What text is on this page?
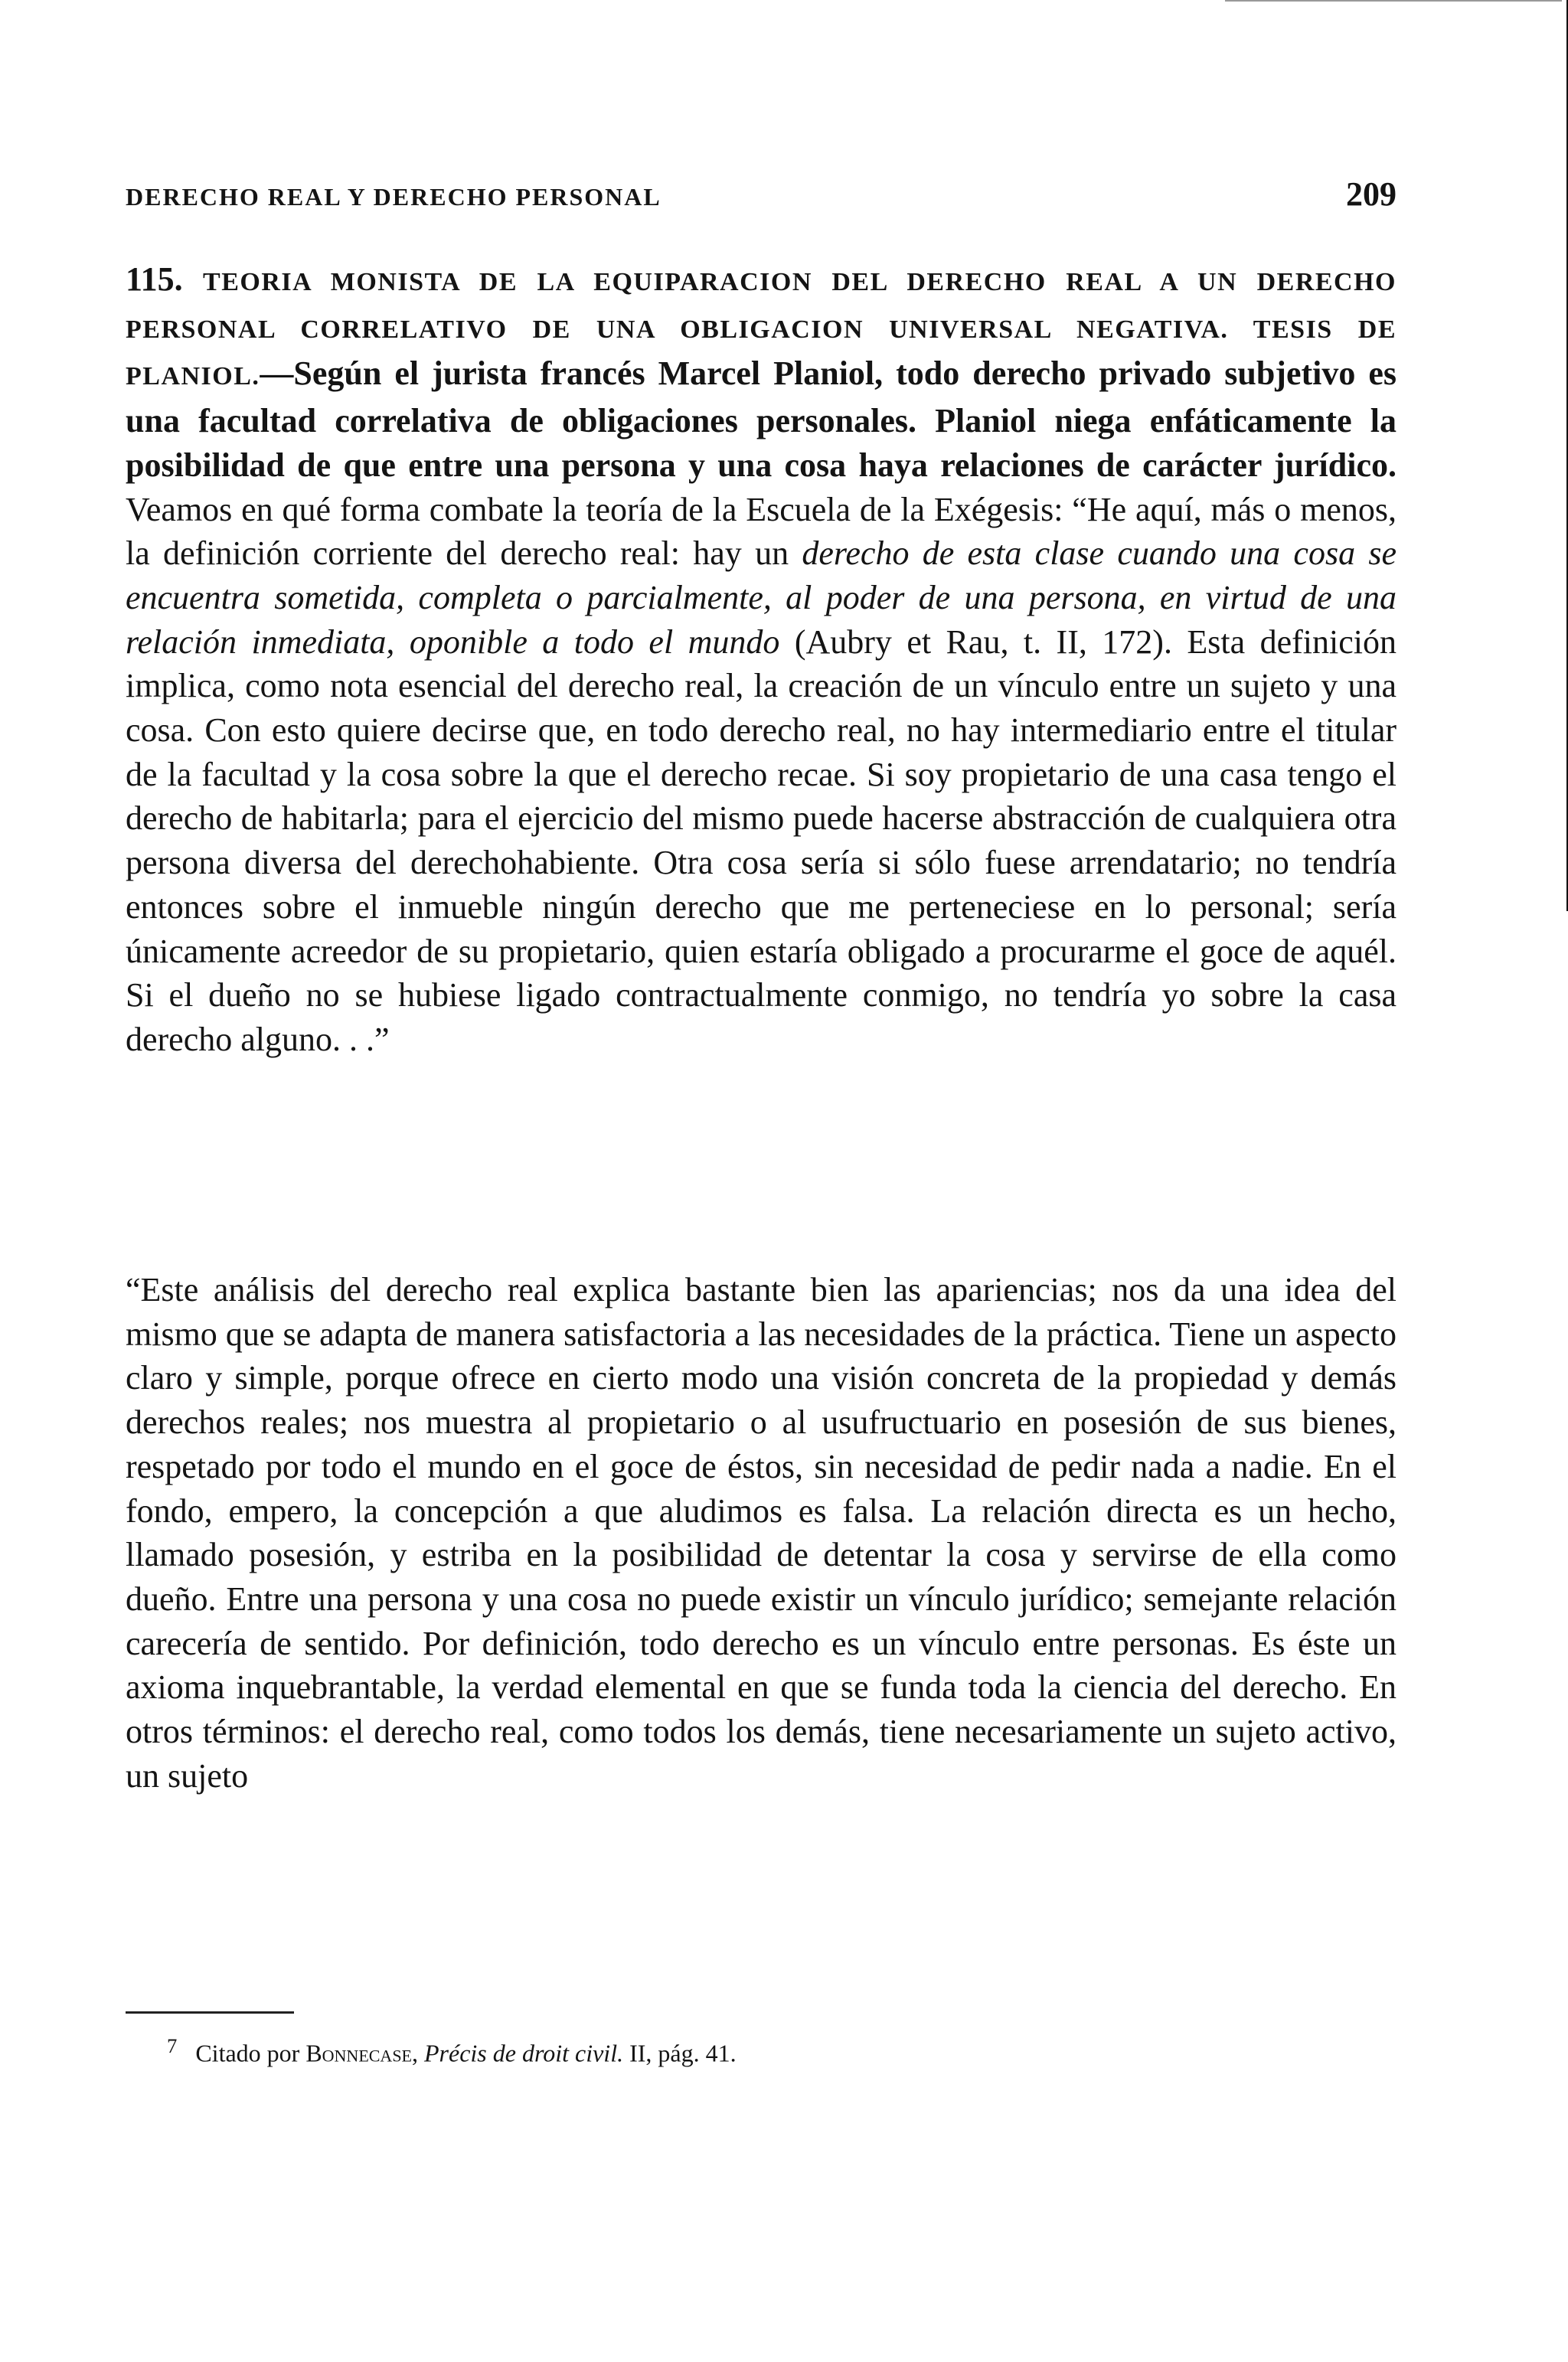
DERECHO REAL Y DERECHO PERSONAL	209

115. TEORIA MONISTA DE LA EQUIPARACION DEL DERECHO REAL A UN DERECHO PERSONAL CORRELATIVO DE UNA OBLIGACION UNIVERSAL NEGATIVA. TESIS DE PLANIOL.—Según el jurista francés Marcel Planiol, todo derecho privado subjetivo es una facultad correlativa de obligaciones personales. Planiol niega enfáticamente la posibilidad de que entre una persona y una cosa haya relaciones de carácter jurídico. Veamos en qué forma combate la teoría de la Escuela de la Exégesis: “He aquí, más o menos, la definición corriente del derecho real: hay un derecho de esta clase cuando una cosa se encuentra sometida, completa o parcialmente, al poder de una persona, en virtud de una relación inmediata, oponible a todo el mundo (Aubry et Rau, t. II, 172). Esta definición implica, como nota esencial del derecho real, la creación de un vínculo entre un sujeto y una cosa. Con esto quiere decirse que, en todo derecho real, no hay intermediario entre el titular de la facultad y la cosa sobre la que el derecho recae. Si soy propietario de una casa tengo el derecho de habitarla; para el ejercicio del mismo puede hacerse abstracción de cualquiera otra persona diversa del derechohabiente. Otra cosa sería si sólo fuese arrendatario; no tendría entonces sobre el inmueble ningún derecho que me perteneciese en lo personal; sería únicamente acreedor de su propietario, quien estaría obligado a procurarme el goce de aquél. Si el dueño no se hubiese ligado contractualmente conmigo, no tendría yo sobre la casa derecho alguno. . .”

“Este análisis del derecho real explica bastante bien las apariencias; nos da una idea del mismo que se adapta de manera satisfactoria a las necesidades de la práctica. Tiene un aspecto claro y simple, porque ofrece en cierto modo una visión concreta de la propiedad y demás derechos reales; nos muestra al propietario o al usufructuario en posesión de sus bienes, respetado por todo el mundo en el goce de éstos, sin necesidad de pedir nada a nadie. En el fondo, empero, la concepción a que aludimos es falsa. La relación directa es un hecho, llamado posesión, y estriba en la posibilidad de detentar la cosa y servirse de ella como dueño. Entre una persona y una cosa no puede existir un vínculo jurídico; semejante relación carecería de sentido. Por definición, todo derecho es un vínculo entre personas. Es éste un axioma inquebrantable, la verdad elemental en que se funda toda la ciencia del derecho. En otros términos: el derecho real, como todos los demás, tiene necesariamente un sujeto activo, un sujeto

$^7$ Citado por Bonnecase, Précis de droit civil. II, pág. 41.
